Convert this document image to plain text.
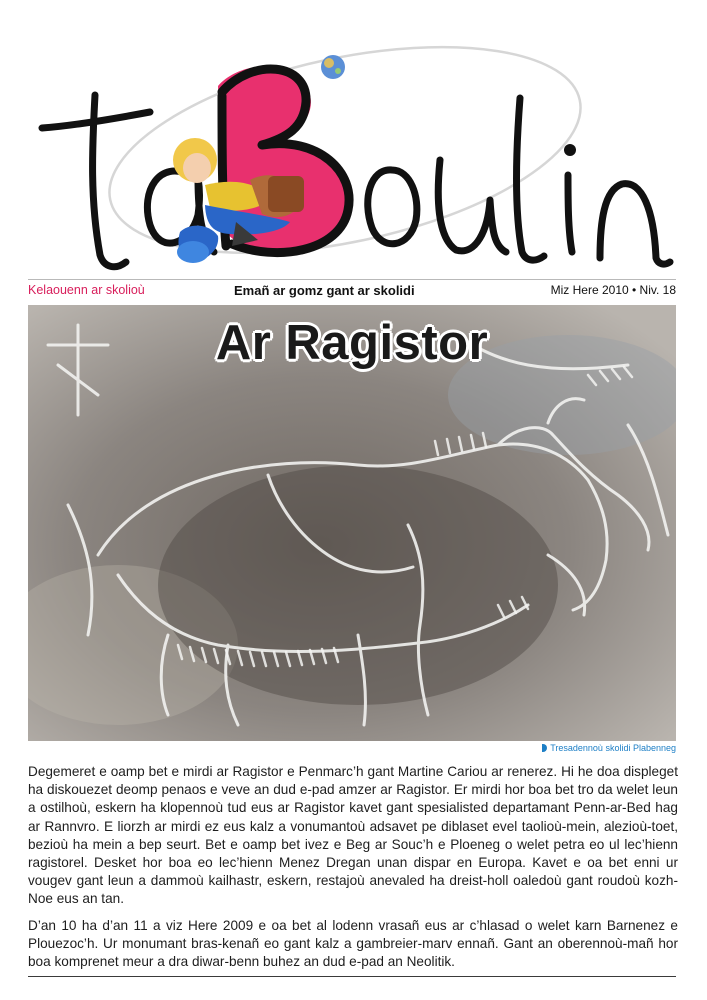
ta Boulin
Kelaouenn ar skolioù	Emañ ar gomz gant ar skolidi	Miz Here 2010 • Niv. 18
Ar Ragistor
Tresadennoù skolidi Plabenneg

Degemeret e oamp bet e mirdi ar Ragistor e Penmarc’h gant Martine Cariou ar renerez. Hi he doa displeget ha diskouezet deomp penaos e veve an dud e-pad amzer ar Ragistor. Er mirdi hor boa bet tro da welet leun a ostilhoù, eskern ha klopennoù tud eus ar Ragistor kavet gant spesialisted departamant Penn-ar-Bed hag ar Rannvro. E liorzh ar mirdi ez eus kalz a vonumantoù adsavet pe diblaset evel taolioù-mein, alezioù-toet, bezioù ha mein a bep seurt. Bet e oamp bet ivez e Beg ar Souc’h e Ploeneg o welet petra eo ul lec’hienn ragistorel. Desket hor boa eo lec’hienn Menez Dregan unan dispar en Europa. Kavet e oa bet enni ur vougev gant leun a dammoù kailhastr, eskern, restajoù anevaled ha dreist-holl oaledoù gant roudoù kozh-Noe eus an tan.

D’an 10 ha d’an 11 a viz Here 2009 e oa bet al lodenn vrasañ eus ar c’hlasad o welet karn Barnenez e Plouezoc’h. Ur monumant bras-kenañ eo gant kalz a gambreier-marv ennañ. Gant an oberennoù-mañ hor boa komprenet meur a dra diwar-benn buhez an dud e-pad an Neolitik.
